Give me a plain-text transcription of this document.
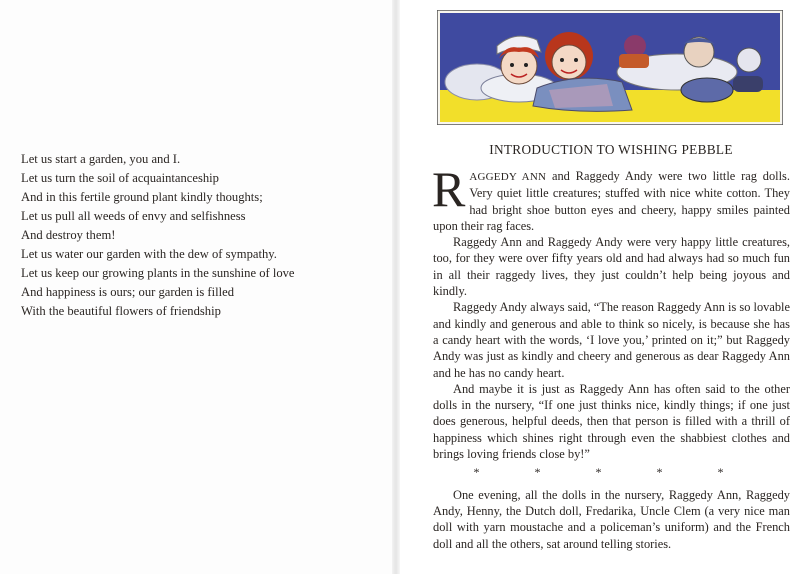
Let us start a garden, you and I.
Let us turn the soil of acquaintanceship
And in this fertile ground plant kindly thoughts;
Let us pull all weeds of envy and selfishness
And destroy them!
Let us water our garden with the dew of sympathy.
Let us keep our growing plants in the sunshine of love
And happiness is ours; our garden is filled
With the beautiful flowers of friendship
INTRODUCTION TO WISHING PEBBLE

RAGGEDY ANN and Raggedy Andy were two little rag dolls. Very quiet little creatures; stuffed with nice white cotton. They had bright shoe button eyes and cheery, happy smiles painted upon their rag faces.

Raggedy Ann and Raggedy Andy were very happy little creatures, too, for they were over fifty years old and had always had so much fun in all their raggedy lives, they just couldn’t help being joyous and kindly.

Raggedy Andy always said, “The reason Raggedy Ann is so lovable and kindly and generous and able to think so nicely, is because she has a candy heart with the words, ‘I love you,’ printed on it;” but Raggedy Andy was just as kindly and cheery and generous as dear Raggedy Ann and he has no candy heart.

And maybe it is just as Raggedy Ann has often said to the other dolls in the nursery, “If one just thinks nice, kindly things; if one just does generous, helpful deeds, then that person is filled with a thrill of happiness which shines right through even the shabbiest clothes and brings loving friends close by!”

* * * * *

One evening, all the dolls in the nursery, Raggedy Ann, Raggedy Andy, Henny, the Dutch doll, Fredarika, Uncle Clem (a very nice man doll with yarn moustache and a policeman’s uniform) and the French doll and all the others, sat around telling stories.
